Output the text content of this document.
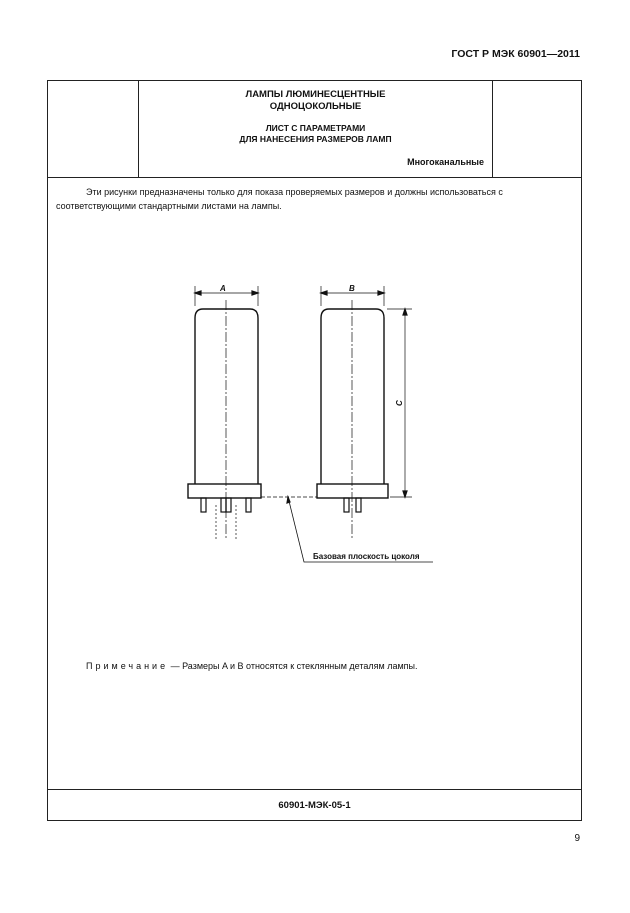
ГОСТ Р МЭК 60901—2011
ЛАМПЫ ЛЮМИНЕСЦЕНТНЫЕ
ОДНОЦОКОЛЬНЫЕ
ЛИСТ С ПАРАМЕТРАМИ
ДЛЯ НАНЕСЕНИЯ РАЗМЕРОВ ЛАМП
Многоканальные

Эти рисунки предназначены только для показа проверяемых размеров и должны использоваться с соответствующими стандартными листами на лампы.

Примечание — Размеры A и B относятся к стеклянным деталям лампы.

60901-МЭК-05-1
A	B
C
Базовая плоскость цоколя
9
